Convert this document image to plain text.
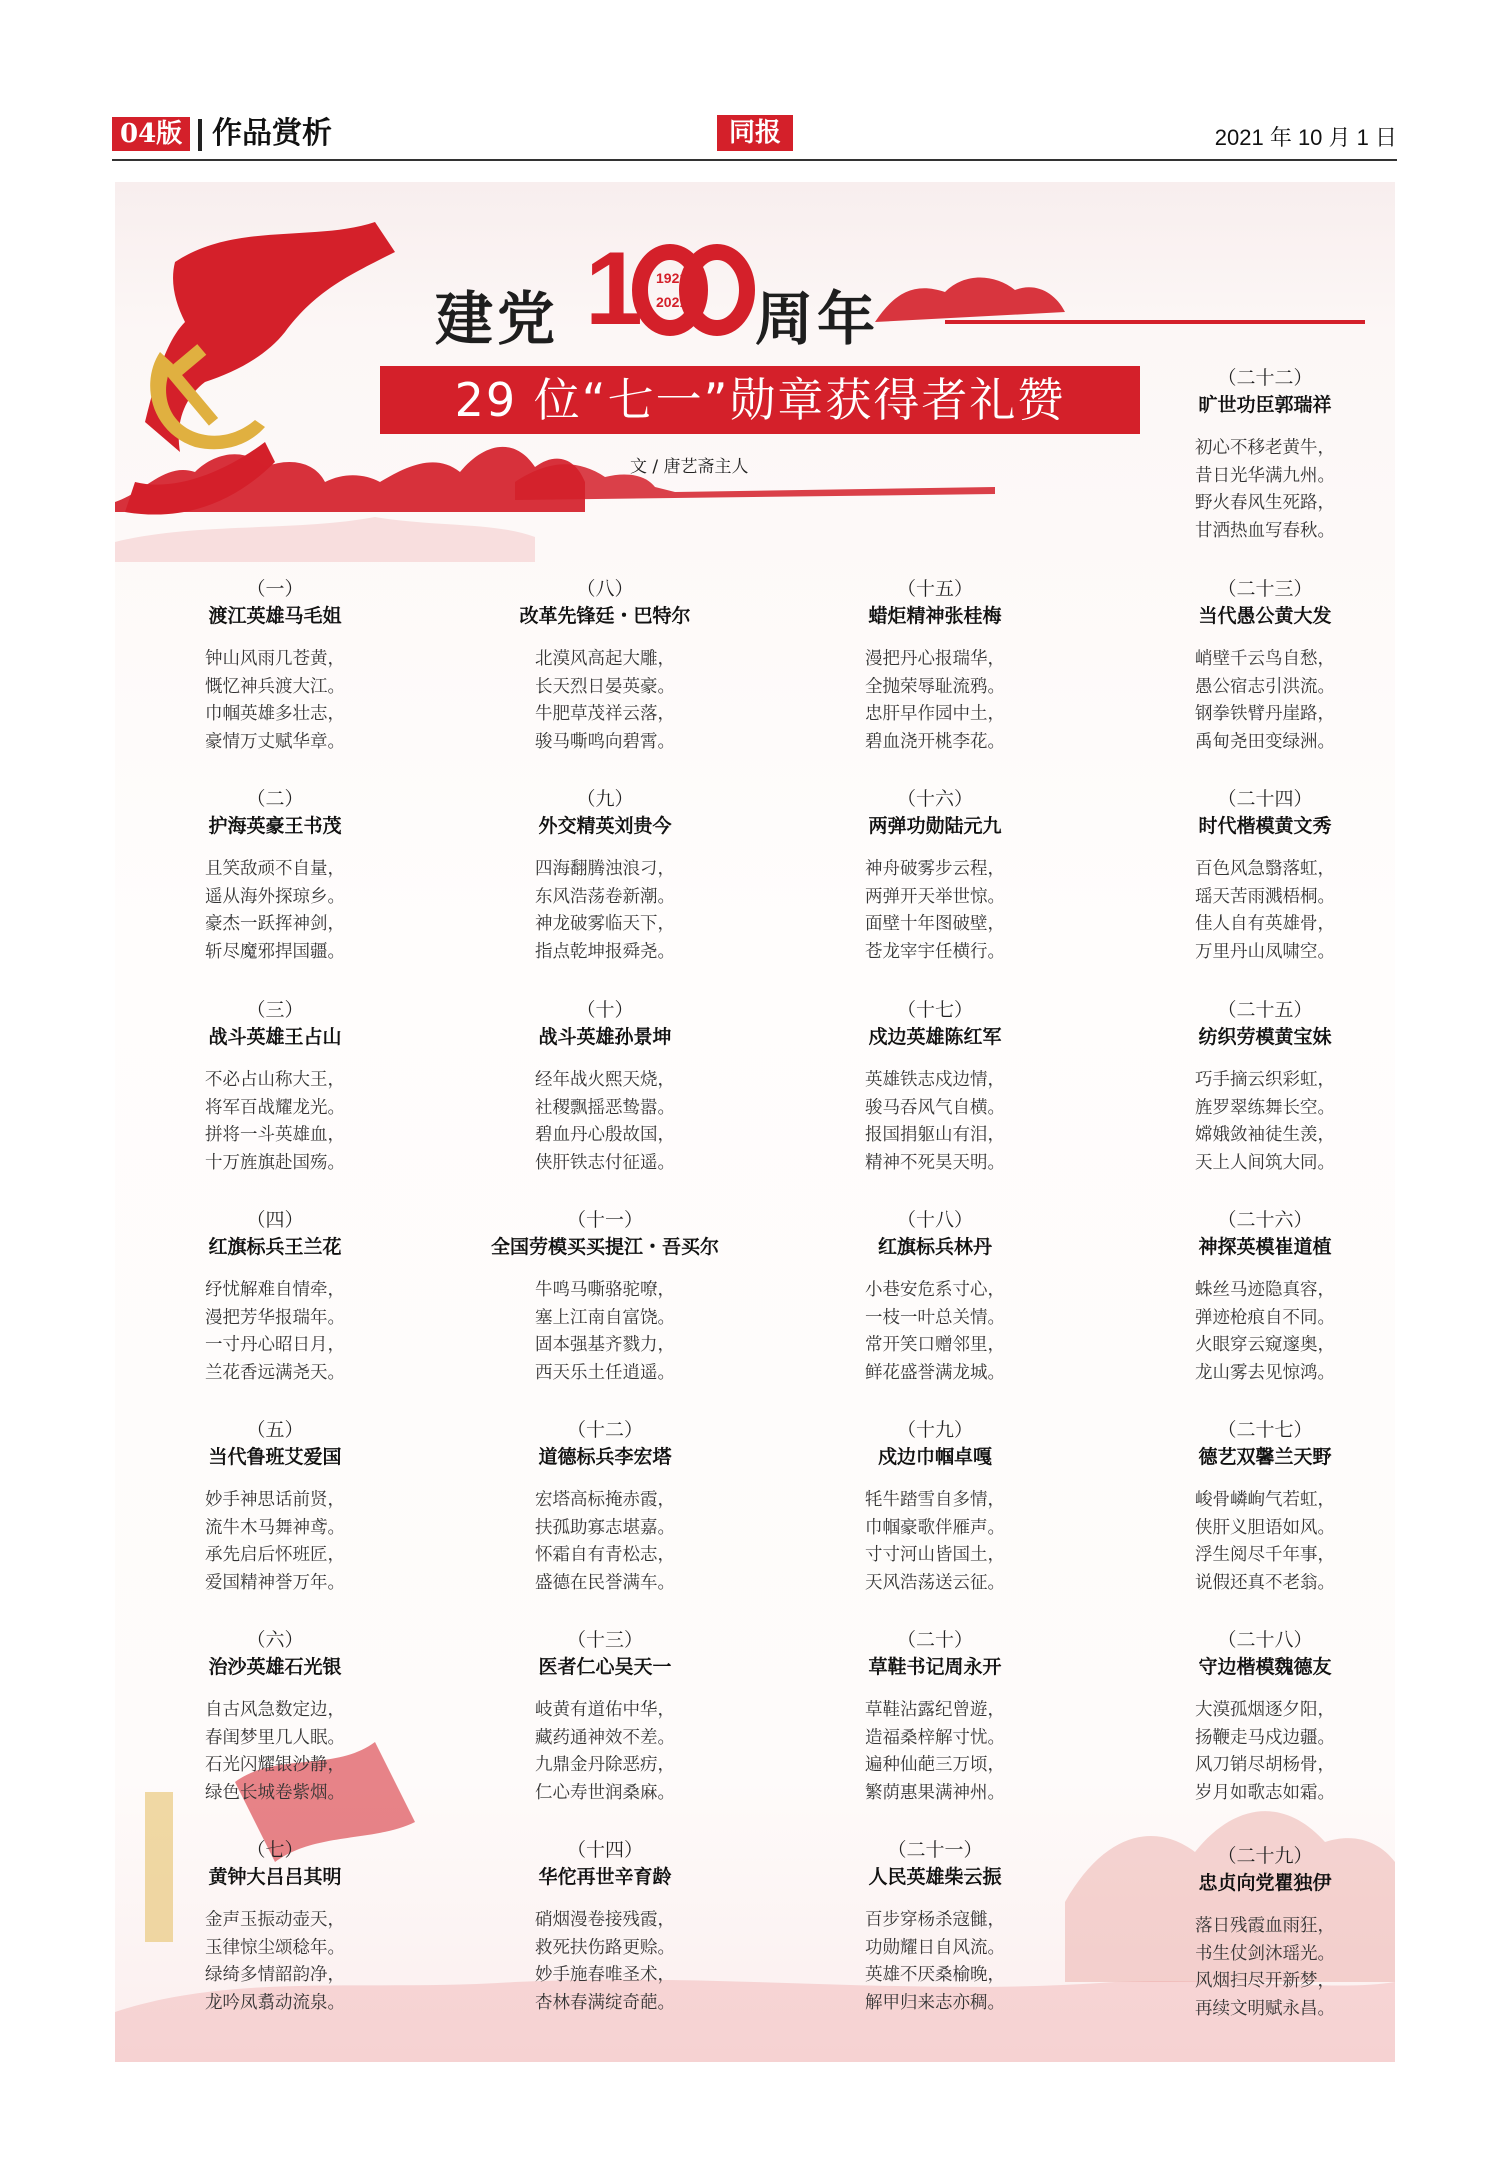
04版 作品赏析	同报	2021 年 10 月 1 日
建党 1 1921
2021 周年
29 位“七一”勋章获得者礼赞
文 / 唐艺斋主人
（一）
渡江英雄马毛姐
钟山风雨几苍黄，
慨忆神兵渡大江。
巾帼英雄多壮志，
豪情万丈赋华章。
（二）
护海英豪王书茂
且笑敌顽不自量，
遥从海外探琼乡。
豪杰一跃挥神剑，
斩尽魔邪捍国疆。
（三）
战斗英雄王占山
不必占山称大王，
将军百战耀龙光。
拼将一斗英雄血，
十万旌旗赴国殇。
（四）
红旗标兵王兰花
纾忧解难自情牵，
漫把芳华报瑞年。
一寸丹心昭日月，
兰花香远满尧天。
（五）
当代鲁班艾爱国
妙手神思话前贤，
流牛木马舞神鸢。
承先启后怀班匠，
爱国精神誉万年。
（六）
治沙英雄石光银
自古风急数定边，
春闺梦里几人眠。
石光闪耀银沙静，
绿色长城卷紫烟。
（七）
黄钟大吕吕其明
金声玉振动壶天，
玉律惊尘颂稔年。
绿绮多情韶韵净，
龙吟凤翥动流泉。
（八）
改革先锋廷・巴特尔
北漠风高起大雕，
长天烈日晏英豪。
牛肥草茂祥云落，
骏马嘶鸣向碧霄。
（九）
外交精英刘贵今
四海翻腾浊浪刁，
东风浩荡卷新潮。
神龙破雾临天下，
指点乾坤报舜尧。
（十）
战斗英雄孙景坤
经年战火熙天烧，
社稷飘摇恶鸷嚣。
碧血丹心殷故国，
侠肝铁志付征遥。
（十一）
全国劳模买买提江・吾买尔
牛鸣马嘶骆驼嘹，
塞上江南自富饶。
固本强基齐戮力，
西天乐土任逍遥。
（十二）
道德标兵李宏塔
宏塔高标掩赤霞，
扶孤助寡志堪嘉。
怀霜自有青松志，
盛德在民誉满车。
（十三）
医者仁心吴天一
岐黄有道佑中华，
藏药通神效不差。
九鼎金丹除恶疠，
仁心寿世润桑麻。
（十四）
华佗再世辛育龄
硝烟漫卷接残霞，
救死扶伤路更赊。
妙手施春唯圣术，
杏林春满绽奇葩。
（十五）
蜡炬精神张桂梅
漫把丹心报瑞华，
全抛荣辱耻流鸦。
忠肝早作园中土，
碧血浇开桃李花。
（十六）
两弹功勋陆元九
神舟破雾步云程，
两弹开天举世惊。
面壁十年图破壁，
苍龙宰宇任横行。
（十七）
戍边英雄陈红军
英雄铁志戍边情，
骏马吞风气自横。
报国捐躯山有泪，
精神不死昊天明。
（十八）
红旗标兵林丹
小巷安危系寸心，
一枝一叶总关情。
常开笑口赠邻里，
鲜花盛誉满龙城。
（十九）
戍边巾帼卓嘎
牦牛踏雪自多情，
巾帼豪歌伴雁声。
寸寸河山皆国土，
天风浩荡送云征。
（二十）
草鞋书记周永开
草鞋沾露纪曾遊，
造福桑梓解寸忧。
遍种仙葩三万顷，
繁荫惠果满神州。
（二十一）
人民英雄柴云振
百步穿杨杀寇雠，
功勋耀日自风流。
英雄不厌桑榆晚，
解甲归来志亦稠。
（二十二）
旷世功臣郭瑞祥
初心不移老黄牛，
昔日光华满九州。
野火春风生死路，
甘洒热血写春秋。
（二十三）
当代愚公黄大发
峭壁千云鸟自愁，
愚公宿志引洪流。
钢拳铁臂丹崖路，
禹甸尧田变绿洲。
（二十四）
时代楷模黄文秀
百色风急翳落虹，
瑶天苦雨溅梧桐。
佳人自有英雄骨，
万里丹山凤啸空。
（二十五）
纺织劳模黄宝妹
巧手摘云织彩虹，
旌罗翠练舞长空。
嫦娥敛袖徒生羡，
天上人间筑大同。
（二十六）
神探英模崔道植
蛛丝马迹隐真容，
弹迹枪痕自不同。
火眼穿云窥邃奥，
龙山雾去见惊鸿。
（二十七）
德艺双馨兰天野
峻骨嶙峋气若虹，
侠肝义胆语如风。
浮生阅尽千年事，
说假还真不老翁。
（二十八）
守边楷模魏德友
大漠孤烟逐夕阳，
扬鞭走马戍边疆。
风刀销尽胡杨骨，
岁月如歌志如霜。
（二十九）
忠贞向党瞿独伊
落日残霞血雨狂，
书生仗剑沐瑶光。
风烟扫尽开新梦，
再续文明赋永昌。
